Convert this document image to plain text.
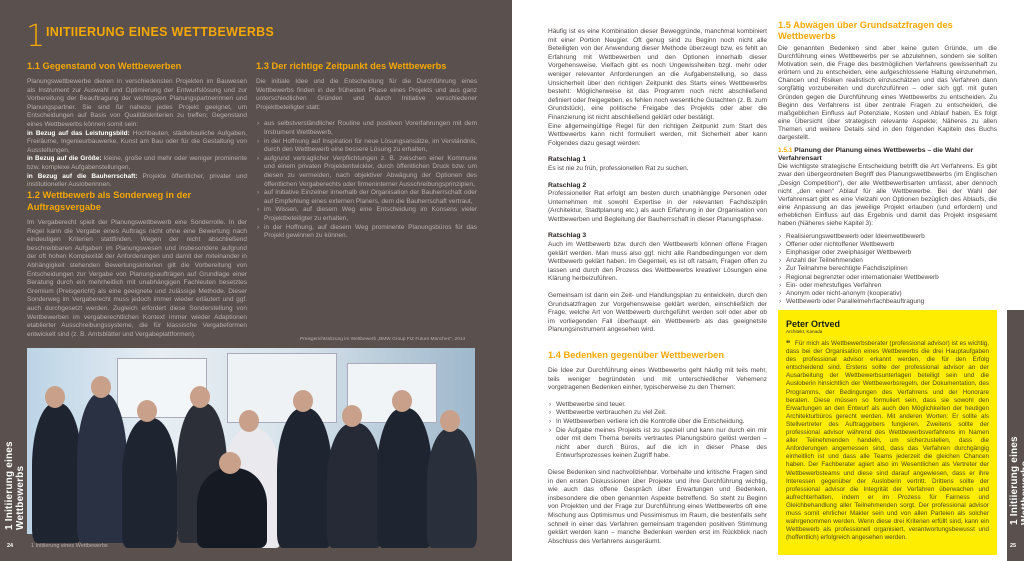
1 INITIIERUNG EINES WETTBEWERBS
1.1 Gegenstand von Wettbewerben
Planungswettbewerbe dienen in verschiedensten Projekten im Bauwesen als Instrument zur Auswahl und Optimierung der Entwurfslösung und zur Vorbereitung der Beauftragung der wichtigsten Planungspartnerinnen und Planungspartner. Sie sind für nahezu jedes Projekt geeignet, um Entscheidungen auf Basis von Qualitätskriterien zu treffen; Gegenstand eines Wettbewerbs können somit sein:
in Bezug auf das Leistungsbild: Hochbauten, städtebauliche Aufgaben, Freiräume, Ingenieurbauwerke, Kunst am Bau oder für die Gestaltung von Ausstellungen,
in Bezug auf die Größe: kleine, große und mehr oder weniger prominente bzw. komplexe Aufgabenstellungen,
in Bezug auf die Bauherrschaft: Projekte öffentlicher, privater und institutioneller Ausloberinnen.
1.2 Wettbewerb als Sonderweg in der Auftragsvergabe
Im Vergaberecht spielt der Planungswettbewerb eine Sonderrolle. In der Regel kann die Vergabe eines Auftrags nicht ohne eine Bewertung nach eindeutigen Kriterien stattfinden. Wegen der nicht abschließend beschreibbaren Aufgaben im Planungswesen und insbesondere aufgrund der oft hohen Komplexität der Anforderungen und damit der miteinander in Abhängigkeit stehenden Bewertungskriterien gilt die Vorbereitung von Entscheidungen zur Vergabe von Planungsaufträgen auf Grundlage einer Beratung durch ein mehrheitlich mit unabhängigen Fachleuten besetztes Gremium (Preisgericht) als eine geeignete und zulässige Methode. Dieser Sonderweg im Vergaberecht muss jedoch immer wieder erläutert und ggf. auch durchgesetzt werden. Zugleich erfordert diese Sonderstellung von Wettbewerben im vergaberechtlichen Kontext immer wieder Adaptionen etablierter Ausschreibungssysteme, die für klassische Vergabeformen entwickelt sind (z. B. Amtsblätter und Vergabeplattformen).
1.3 Der richtige Zeitpunkt des Wettbewerbs
Die initiale Idee und die Entscheidung für die Durchführung eines Wettbewerbs finden in der frühesten Phase eines Projekts und aus ganz unterschiedlichen Gründen und durch Initiative verschiedener Projektbeteiligter statt:
› aus selbstverständlicher Routine und positiven Vorerfahrungen mit dem Instrument Wettbewerb,
› in der Hoffnung auf Inspiration für neue Lösungsansätze, im Verständnis, durch den Wettbewerb eine bessere Lösung zu erhalten,
› aufgrund vertraglicher Verpflichtungen z. B. zwischen einer Kommune und einem privaten Projektentwickler, durch öffentlichen Druck bzw. um diesen zu vermeiden, nach objektiver Abwägung der Optionen des öffentlichen Vergaberechts oder firmeninterner Ausschreibungsprinzipien,
› auf Initiative Einzelner innerhalb der Organisation der Bauherrschaft oder auf Empfehlung eines externen Planers, dem die Bauherrschaft vertraut,
› im Wissen, auf diesem Weg eine Entscheidung im Konsens vieler Projektbeteiligter zu erhalten,
› in der Hoffnung, auf diesem Weg prominente Planungsbüros für das Projekt gewinnen zu können.
Preisgerichtssitzung im Wettbewerb „BMW Group FIZ Future München“, 2014
1 Initiierung eines Wettbewerbs
24	1 Initiierung eines Wettbewerbs
Häufig ist es eine Kombination dieser Beweggründe, manchmal kombiniert mit einer Portion Neugier. Oft genug sind zu Beginn noch nicht alle Beteiligten von der Anwendung dieser Methode überzeugt bzw. es fehlt an Erfahrung mit Wettbewerben und den Optionen innerhalb dieser Vorgehensweise. Vielfach gibt es noch Ungewissheiten bzgl. mehr oder weniger relevanter Anforderungen an die Aufgabenstellung, so dass Unsicherheit über den richtigen Zeitpunkt des Starts eines Wettbewerbs besteht: Möglicherweise ist das Programm noch nicht abschließend definiert oder freigegeben, es fehlen noch wesentliche Gutachten (z. B. zum Grundstück), eine politische Freigabe des Projekts oder aber die Finanzierung ist nicht abschließend geklärt oder bestätigt.
Eine allgemeingültige Regel für den richtigen Zeitpunkt zum Start des Wettbewerbs kann nicht formuliert werden, mit Sicherheit aber kann Folgendes dazu gesagt werden:
Ratschlag 1
Es ist nie zu früh, professionellen Rat zu suchen.
Ratschlag 2
Professioneller Rat erfolgt am besten durch unabhängige Personen oder Unternehmen mit sowohl Expertise in der relevanten Fachdisziplin (Architektur, Stadtplanung etc.) als auch Erfahrung in der Organisation von Wettbewerben und Begleitung der Bauherrschaft in dieser Planungsphase.
Ratschlag 3
Auch im Wettbewerb bzw. durch den Wettbewerb können offene Fragen geklärt werden. Man muss also ggf. nicht alle Randbedingungen vor dem Wettbewerb geklärt haben. Im Gegenteil, es ist oft ratsam, Fragen offen zu lassen und durch den Prozess des Wettbewerbs kreativer Lösungen eine Klärung herbeizuführen.
Gemeinsam ist dann ein Zeit- und Handlungsplan zu entwickeln, durch den Grundsatzfragen zur Vorgehensweise geklärt werden, einschließlich der Frage, welche Art von Wettbewerb durchgeführt werden soll oder aber ob im vorliegenden Fall überhaupt ein Wettbewerb als das geeignetste Planungsinstrument angesehen wird.
1.4 Bedenken gegenüber Wettbewerben
Die Idee zur Durchführung eines Wettbewerbs geht häufig mit teils mehr, teils weniger begründeten und mit unterschiedlicher Vehemenz vorgetragenen Bedenken einher, typischerweise zu den Themen:
› Wettbewerbe sind teuer.
› Wettbewerbe verbrauchen zu viel Zeit.
› In Wettbewerben verliere ich die Kontrolle über die Entscheidung.
› Die Aufgabe meines Projekts ist zu speziell und kann nur durch ein mir oder mit dem Thema bereits vertrautes Planungsbüro gelöst werden – nicht aber durch Büros, auf die ich in dieser Phase des Entwurfsprozesses keinen Zugriff habe.
Diese Bedenken sind nachvollziehbar. Vorbehalte und kritische Fragen sind in den ersten Diskussionen über Projekte und ihre Durchführung wichtig, wie auch das offene Gespräch über Erwartungen und Bedenken, insbesondere die oben genannten Aspekte betreffend. So steht zu Beginn von Projekten und der Frage zur Durchführung eines Wettbewerbs oft eine Mischung aus Optimismus und Pessimismus im Raum, die bestenfalls sehr schnell in einer das Verfahren gemeinsam tragenden positiven Stimmung geklärt werden kann – manche Bedenken werden erst im Rückblick nach Abschluss des Verfahrens ausgeräumt.
1.5 Abwägen über Grundsatzfragen des Wettbewerbs
Die genannten Bedenken sind aber keine guten Gründe, um die Durchführung eines Wettbewerbs per se abzulehnen, sondern sie sollten Motivation sein, die Frage des bestmöglichen Verfahrens gewissenhaft zu erörtern und zu entscheiden, eine aufgeschlossene Haltung einzunehmen, Chancen und Risiken realistisch einzuschätzen und das Verfahren dann sorgfältig vorzubereiten und durchzuführen – oder sich ggf. mit guten Gründen gegen die Durchführung eines Wettbewerbs zu entscheiden. Zu Beginn des Verfahrens ist über zentrale Fragen zu entscheiden, die maßgeblichen Einfluss auf Potenziale, Kosten und Ablauf haben. Es folgt eine Übersicht über strategisch relevante Aspekte; Näheres zu allen Themen und weitere Details sind in den folgenden Kapiteln des Buchs dargestellt.
1.5.1 Planung der Planung eines Wettbewerbs – die Wahl der Verfahrensart
Die wichtigste strategische Entscheidung betrifft die Art Verfahrens. Es gibt zwar den übergeordneten Begriff des Planungswettbewerbs (im Englischen „Design Competition“), der alle Wettbewerbsarten umfasst, aber dennoch nicht „den einen“ Ablauf für alle Wettbewerbe. Bei der Wahl der Verfahrensart gibt es eine Vielzahl von Optionen bezüglich des Ablaufs, die eine Anpassung an das jeweilige Projekt erlauben (und erfordern) und erheblichen Einfluss auf das Ergebnis und damit das Projekt insgesamt haben (Näheres siehe Kapitel 3):
› Realisierungswettbewerb oder Ideenwettbewerb
› Offener oder nichtoffener Wettbewerb
› Einphasiger oder zweiphasiger Wettbewerb
› Anzahl der Teilnehmenden
› Zur Teilnahme berechtigte Fachdisziplinen
› Regional begrenzter oder internationaler Wettbewerb
› Ein- oder mehrstufiges Verfahren
› Anonym oder nicht-anonym (kooperativ)
› Wettbewerb oder Parallelmehrfachbeauftragung
Peter Ortved
Architekt, Kanada
" Für mich als Wettbewerbsberater (professional advisor) ist es wichtig, dass bei der Organisation eines Wettbewerbs die drei Hauptaufgaben des professional advisor erkannt werden, die für den Erfolg entscheidend sind. Erstens sollte der professional advisor an der Ausarbeitung der Wettbewerbsunterlagen beteiligt sein und die Ausloberin hinsichtlich der Wettbewerbsregeln, der Dokumentation, des Programms, der Bedingungen des Verfahrens und der Honorare beraten. Diese müssen so formuliert sein, dass sie sowohl den Erwartungen an den Entwurf als auch den Möglichkeiten der heutigen Architekturbüros gerecht werden. Mit anderen Worten: Er sollte als Stellvertreter des Auftraggebers fungieren. Zweitens sollte der professional advisor während des Wettbewerbsverfahrens im Namen aller Teilnehmenden handeln, um sicherzustellen, dass die Anforderungen angemessen sind, dass das Verfahren durchgängig einheitlich ist und dass alle Teams jederzeit die gleichen Chancen haben. Der Fachberater agiert also im Wesentlichen als Vertreter der Wettbewerbsteams und diese sind darauf angewiesen, dass er ihre Interessen gegenüber der Ausloberin vertritt. Drittens sollte der professional advisor die Integrität der Verfahren überwachen und aufrechterhalten, indem er im Prozess für Fairness und Gleichbehandlung aller Teilnehmenden sorgt. Der professional advisor muss somit ehrlicher Makler sein und von allen Parteien als solcher wahrgenommen werden. Wenn diese drei Kriterien erfüllt sind, kann ein Wettbewerb als professionell organisiert, verantwortungsbewusst und (hoffentlich) erfolgreich angesehen werden.
1 Initiierung eines Wettbewerbs
25
